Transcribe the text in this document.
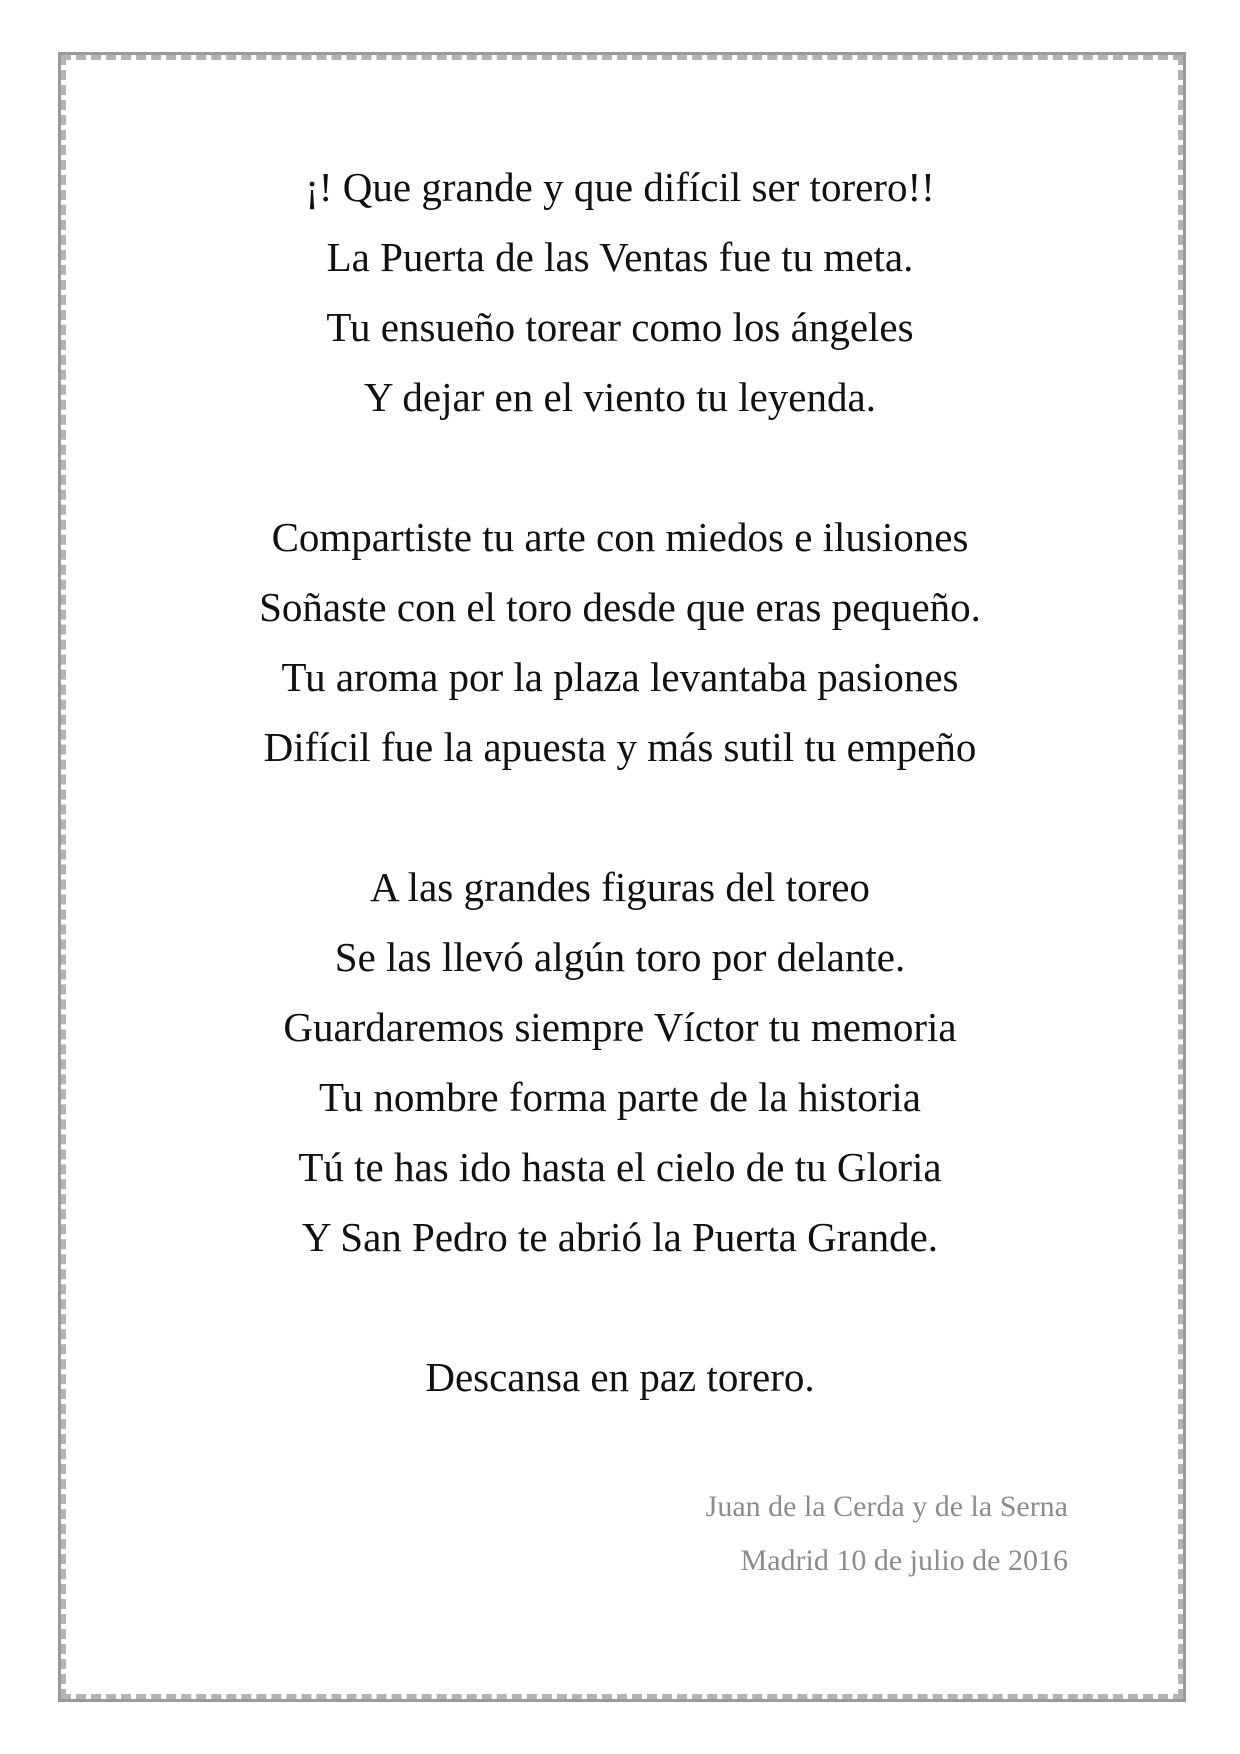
¡! Que grande y que difícil ser torero!!
La Puerta de las Ventas fue tu meta.
Tu ensueño torear como los ángeles
Y dejar en el viento tu leyenda.
Compartiste tu arte con miedos e ilusiones
Soñaste con el toro desde que eras pequeño.
Tu aroma por la plaza levantaba pasiones
Difícil fue la apuesta y más sutil tu empeño
A las grandes figuras del toreo
Se las llevó algún toro por delante.
Guardaremos siempre Víctor tu memoria
Tu nombre forma parte de la historia
Tú te has ido hasta el cielo de tu Gloria
Y San Pedro te abrió la Puerta Grande.
Descansa en paz torero.
Juan de la Cerda y de la Serna
Madrid 10 de julio de 2016
